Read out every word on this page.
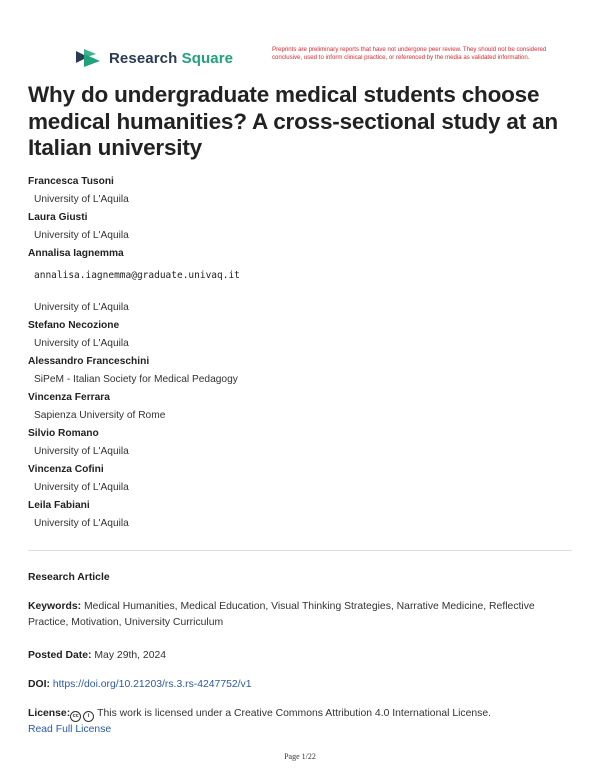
Research Square	Preprints are preliminary reports that have not undergone peer review. They should not be considered conclusive, used to inform clinical practice, or referenced by the media as validated information.
Why do undergraduate medical students choose medical humanities? A cross-sectional study at an Italian university
Francesca Tusoni
University of L'Aquila
Laura Giusti
University of L'Aquila
Annalisa Iagnemma
annalisa.iagnemma@graduate.univaq.it
University of L'Aquila
Stefano Necozione
University of L'Aquila
Alessandro Franceschini
SiPeM - Italian Society for Medical Pedagogy
Vincenza Ferrara
Sapienza University of Rome
Silvio Romano
University of L'Aquila
Vincenza Cofini
University of L'Aquila
Leila Fabiani
University of L'Aquila
Research Article
Keywords: Medical Humanities, Medical Education, Visual Thinking Strategies, Narrative Medicine, Reflective Practice, Motivation, University Curriculum
Posted Date: May 29th, 2024
DOI: https://doi.org/10.21203/rs.3.rs-4247752/v1
License: cc	i This work is licensed under a Creative Commons Attribution 4.0 International License.
Read Full License
Page 1/22
